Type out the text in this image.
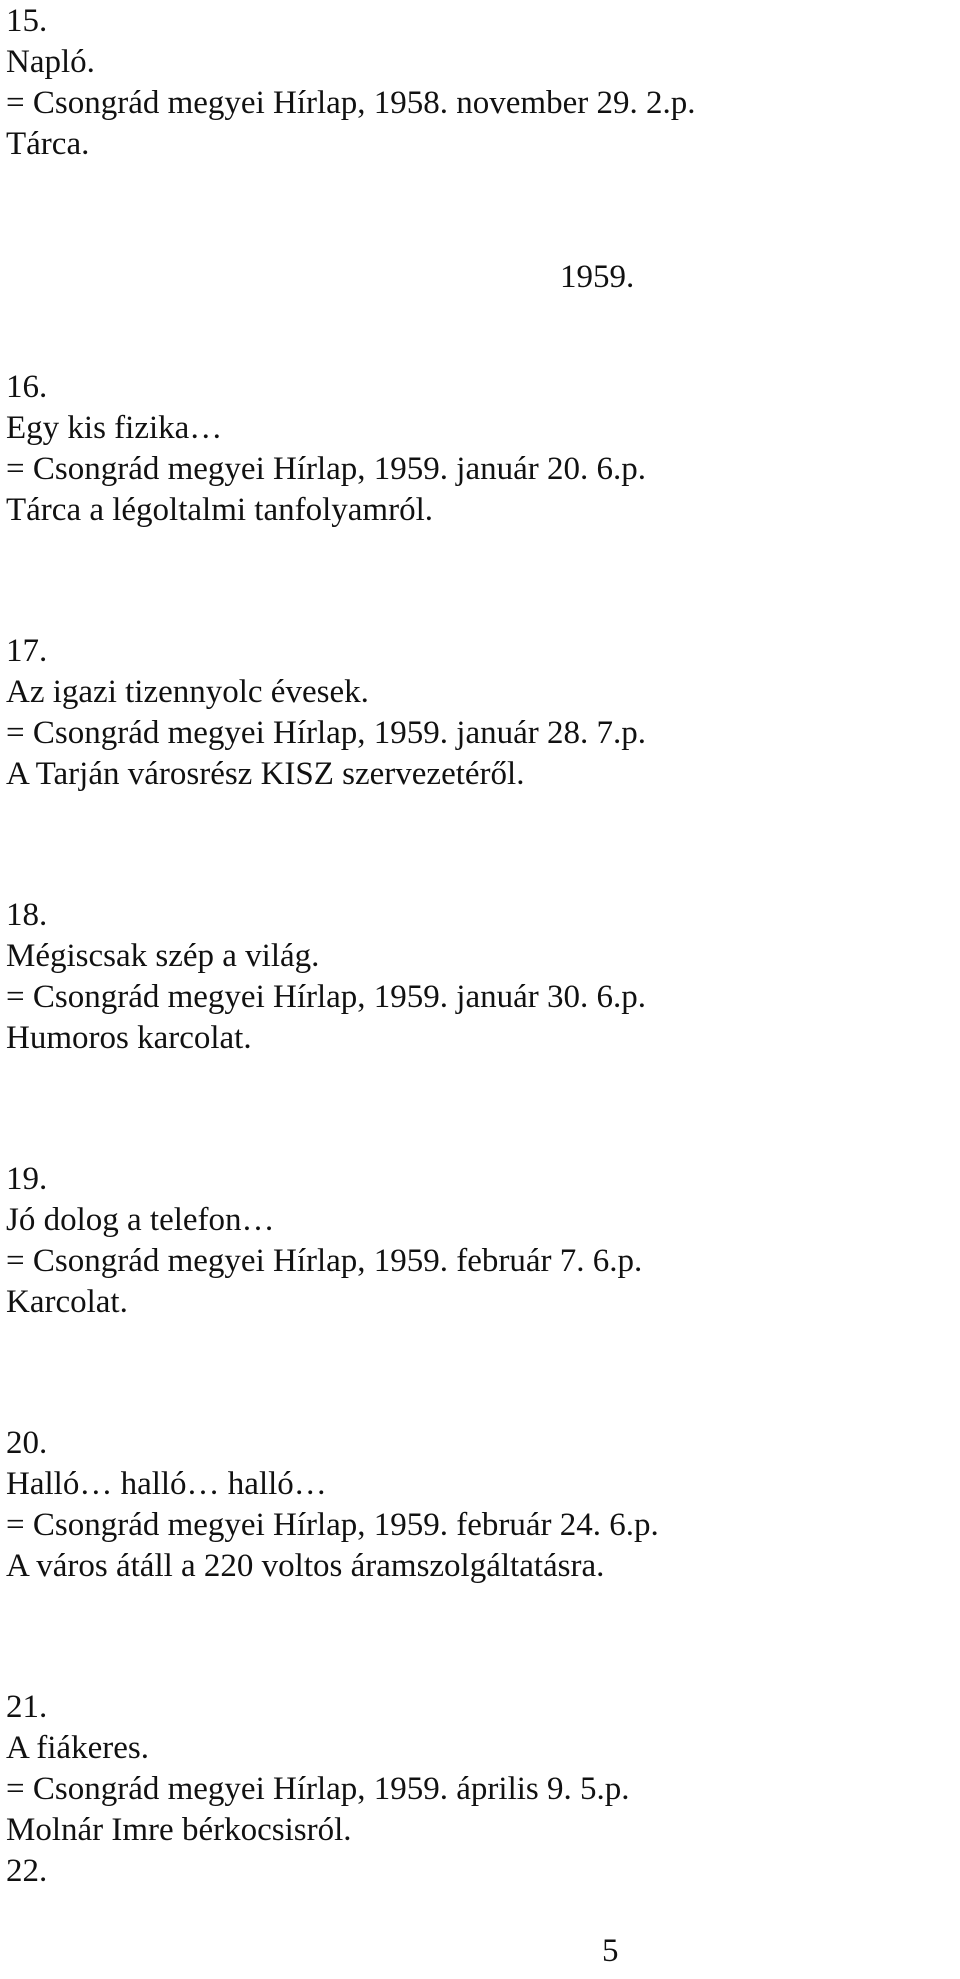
15.
Napló.
= Csongrád megyei Hírlap, 1958. november 29. 2.p.
Tárca.
1959.
16.
Egy kis fizika…
= Csongrád megyei Hírlap, 1959. január 20. 6.p.
Tárca a légoltalmi tanfolyamról.
17.
Az igazi tizennyolc évesek.
= Csongrád megyei Hírlap, 1959. január 28. 7.p.
A Tarján városrész KISZ szervezetéről.
18.
Mégiscsak szép a világ.
= Csongrád megyei Hírlap, 1959. január 30. 6.p.
Humoros karcolat.
19.
Jó dolog a telefon…
= Csongrád megyei Hírlap, 1959. február 7. 6.p.
Karcolat.
20.
Halló… halló… halló…
= Csongrád megyei Hírlap, 1959. február 24. 6.p.
A város átáll a 220 voltos áramszolgáltatásra.
21.
A fiákeres.
= Csongrád megyei Hírlap, 1959. április 9. 5.p.
Molnár Imre bérkocsisról.
22.
5
